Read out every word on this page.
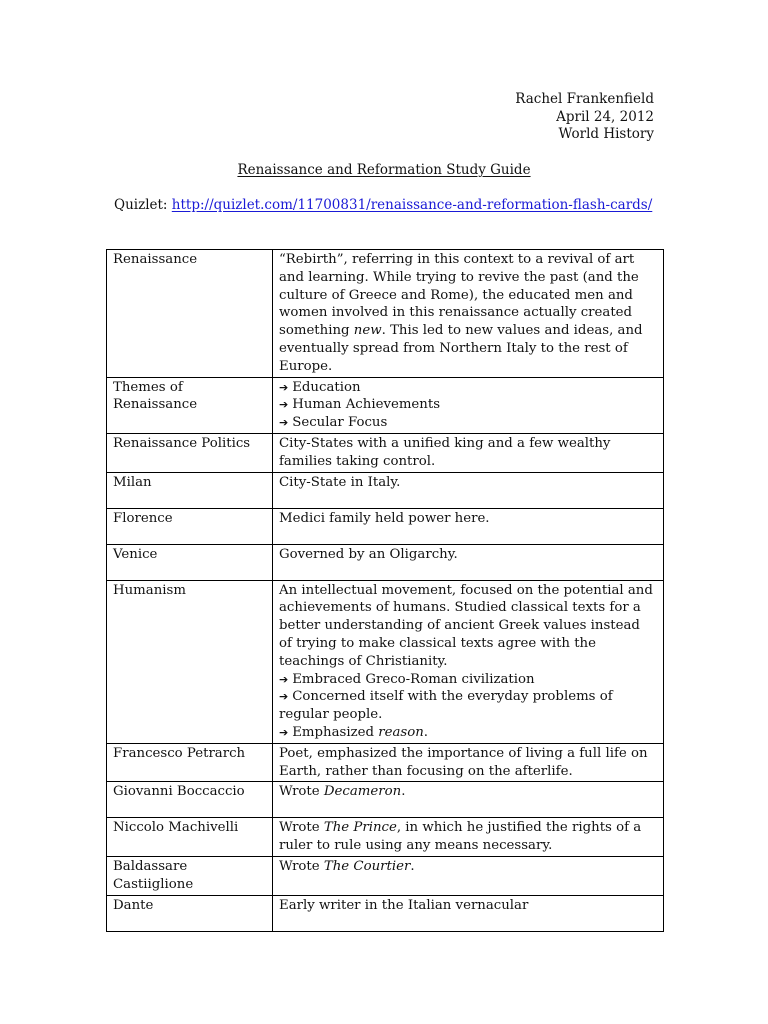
Rachel Frankenfield
April 24, 2012
World History
Renaissance and Reformation Study Guide
Quizlet: http://quizlet.com/11700831/renaissance-and-reformation-flash-cards/
Renaissance	“Rebirth”, referring in this context to a revival of art and learning. While trying to revive the past (and the culture of Greece and Rome), the educated men and women involved in this renaissance actually created something new. This led to new values and ideas, and eventually spread from Northern Italy to the rest of Europe.
Themes of Renaissance	➔ Education
➔ Human Achievements
➔ Secular Focus

Renaissance Politics	City-States with a unified king and a few wealthy families taking control.
Milan	City-State in Italy.
Florence	Medici family held power here.
Venice	Governed by an Oligarchy.
Humanism	An intellectual movement, focused on the potential and achievements of humans. Studied classical texts for a better understanding of ancient Greek values instead of trying to make classical texts agree with the teachings of Christianity.
➔ Embraced Greco-Roman civilization
➔ Concerned itself with the everyday problems of regular people.
➔ Emphasized reason.

Francesco Petrarch	Poet, emphasized the importance of living a full life on Earth, rather than focusing on the afterlife.
Giovanni Boccaccio	Wrote Decameron.
Niccolo Machivelli	Wrote The Prince, in which he justified the rights of a ruler to rule using any means necessary.
Baldassare Castiiglione	Wrote The Courtier.
Dante	Early writer in the Italian vernacular
